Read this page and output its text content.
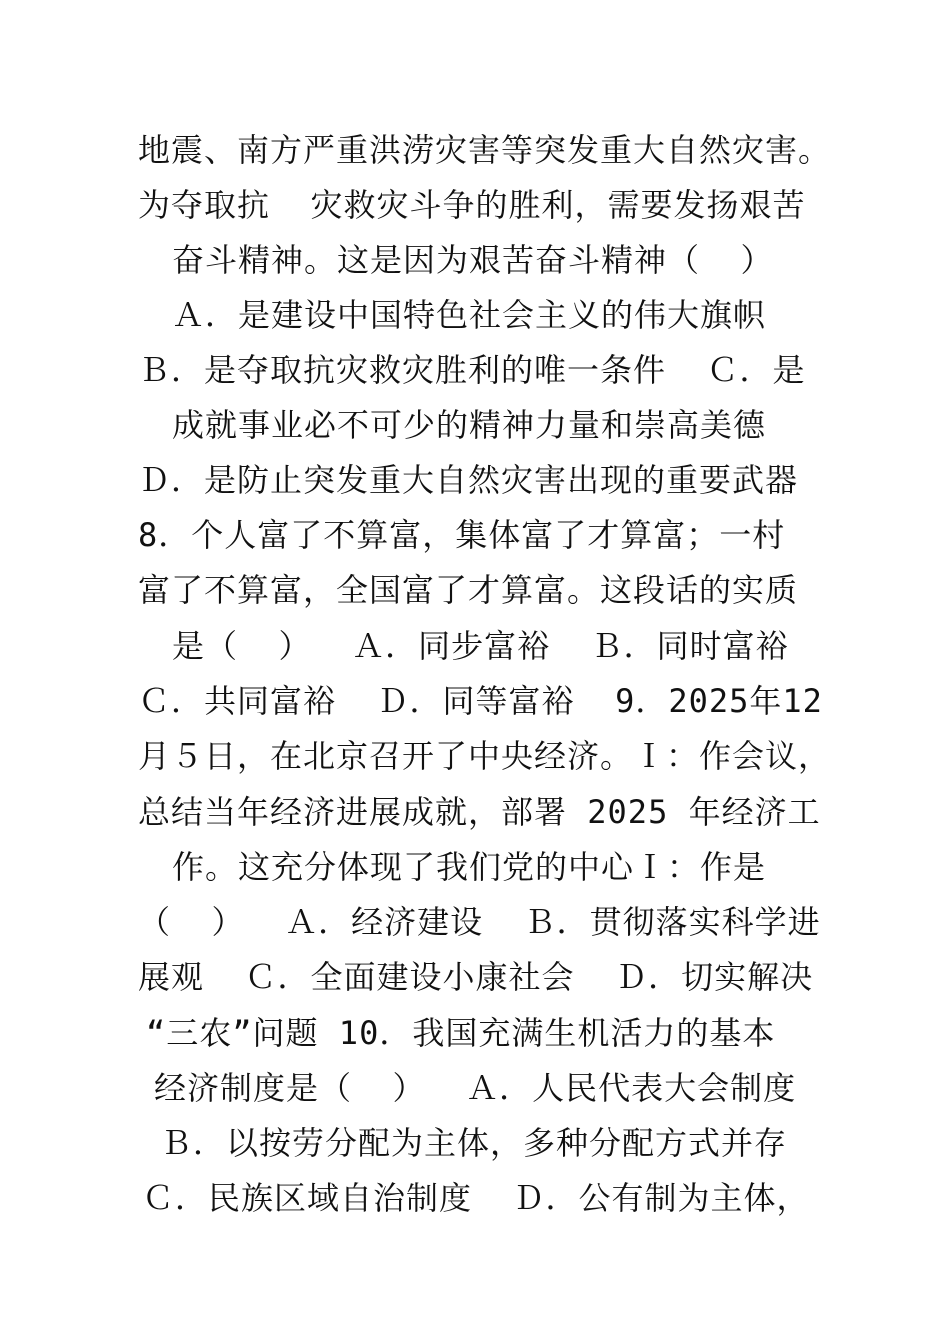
地震、南方严重洪涝灾害等突发重大自然灾害。
为夺取抗  灾救灾斗争的胜利，需要发扬艰苦
奋斗精神。这是因为艰苦奋斗精神（  ）
Ａ．是建设中国特色社会主义的伟大旗帜
Ｂ．是夺取抗灾救灾胜利的唯一条件  Ｃ．是
成就事业必不可少的精神力量和崇高美德
Ｄ．是防止突发重大自然灾害出现的重要武器
8．个人富了不算富，集体富了才算富；一村
富了不算富，全国富了才算富。这段话的实质
是（  ）  Ａ．同步富裕  Ｂ．同时富裕
Ｃ．共同富裕  Ｄ．同等富裕  9．2025年12
月５日，在北京召开了中央经济。Ｉ：作会议，
总结当年经济进展成就，部署 2025 年经济工
作。这充分体现了我们党的中心Ｉ：作是
（  ）  Ａ．经济建设  Ｂ．贯彻落实科学进
展观  Ｃ．全面建设小康社会  Ｄ．切实解决
“三农”问题 10．我国充满生机活力的基本
经济制度是（  ）  Ａ．人民代表大会制度
Ｂ．以按劳分配为主体，多种分配方式并存
Ｃ．民族区域自治制度  Ｄ．公有制为主体，
